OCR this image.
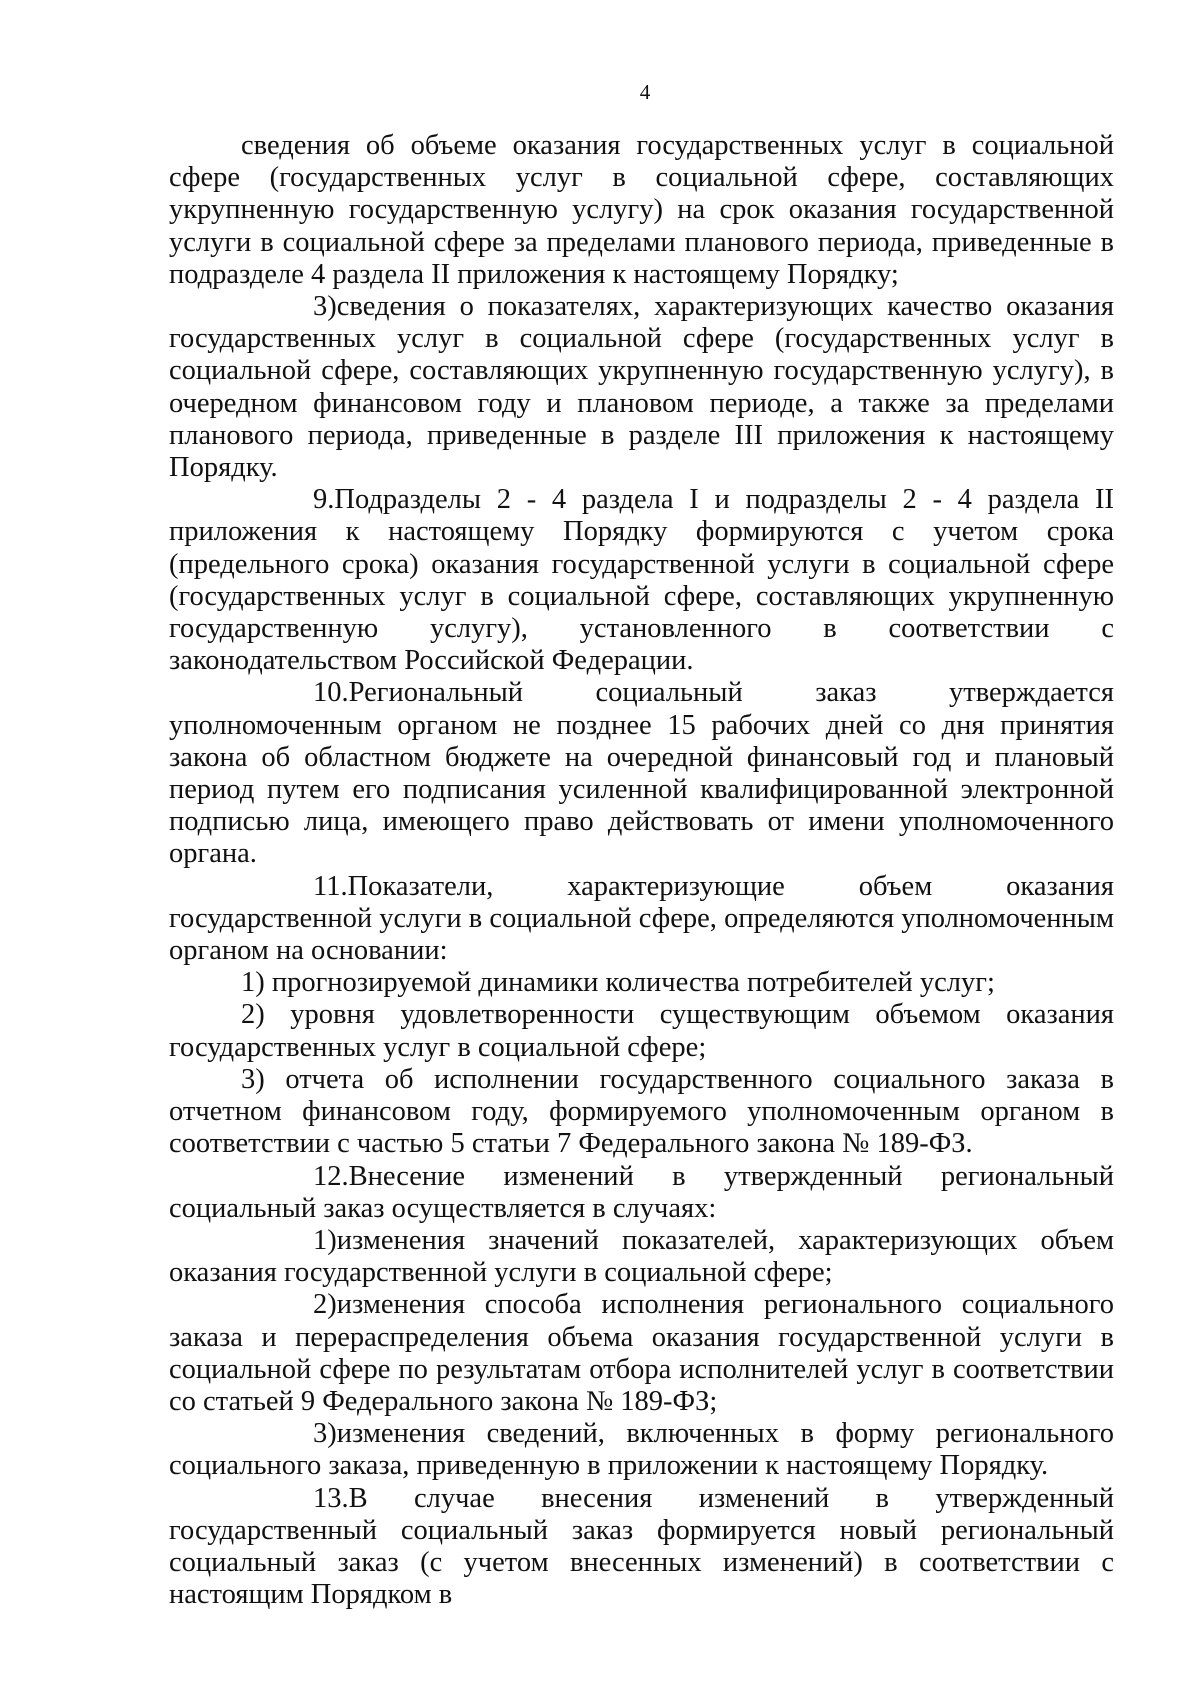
4

сведения об объеме оказания государственных услуг в социальной сфере (государственных услуг в социальной сфере, составляющих укрупненную государственную услугу) на срок оказания государственной услуги в социальной сфере за пределами планового периода, приведенные в подразделе 4 раздела II приложения к настоящему Порядку;

3)сведения о показателях, характеризующих качество оказания государственных услуг в социальной сфере (государственных услуг в социальной сфере, составляющих укрупненную государственную услугу), в очередном финансовом году и плановом периоде, а также за пределами планового периода, приведенные в разделе III приложения к настоящему Порядку.

9.Подразделы 2 - 4 раздела I и подразделы 2 - 4 раздела II приложения к настоящему Порядку формируются с учетом срока (предельного срока) оказания государственной услуги в социальной сфере (государственных услуг в социальной сфере, составляющих укрупненную государственную услугу), установленного в соответствии с законодательством Российской Федерации.

10.Региональный социальный заказ утверждается уполномоченным органом не позднее 15 рабочих дней со дня принятия закона об областном бюджете на очередной финансовый год и плановый период путем его подписания усиленной квалифицированной электронной подписью лица, имеющего право действовать от имени уполномоченного органа.

11.Показатели, характеризующие объем оказания государственной услуги в социальной сфере, определяются уполномоченным органом на основании:

1) прогнозируемой динамики количества потребителей услуг;

2) уровня удовлетворенности существующим объемом оказания государственных услуг в социальной сфере;

3) отчета об исполнении государственного социального заказа в отчетном финансовом году, формируемого уполномоченным органом в соответствии с частью 5 статьи 7 Федерального закона № 189-ФЗ.

12.Внесение изменений в утвержденный региональный социальный заказ осуществляется в случаях:

1)изменения значений показателей, характеризующих объем оказания государственной услуги в социальной сфере;

2)изменения способа исполнения регионального социального заказа и перераспределения объема оказания государственной услуги в социальной сфере по результатам отбора исполнителей услуг в соответствии со статьей 9 Федерального закона № 189-ФЗ;

3)изменения сведений, включенных в форму регионального социального заказа, приведенную в приложении к настоящему Порядку.

13.В случае внесения изменений в утвержденный государственный социальный заказ формируется новый региональный социальный заказ (с учетом внесенных изменений) в соответствии с настоящим Порядком в
